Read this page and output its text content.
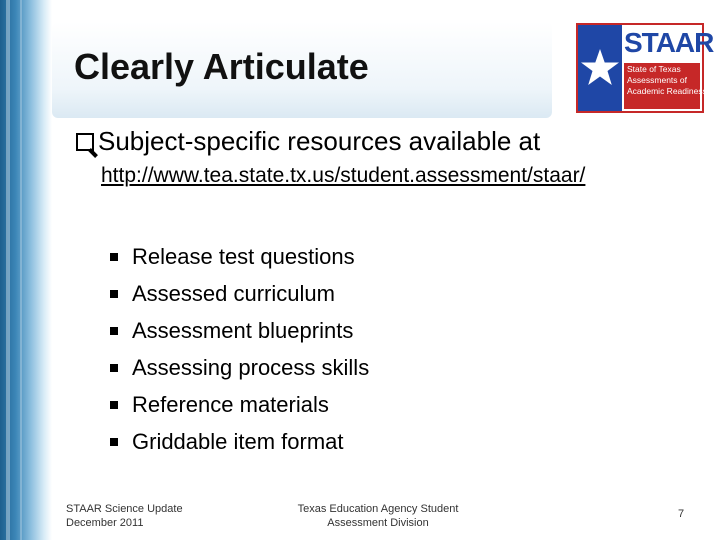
Clearly Articulate
STAAR
State of Texas
Assessments of
Academic Readiness
Subject-specific resources available at
http://www.tea.state.tx.us/student.assessment/staar/
Release test questions
Assessed curriculum
Assessment blueprints
Assessing process skills
Reference materials
Griddable item format
STAAR Science Update
December 2011
Texas Education Agency Student
Assessment Division
7
